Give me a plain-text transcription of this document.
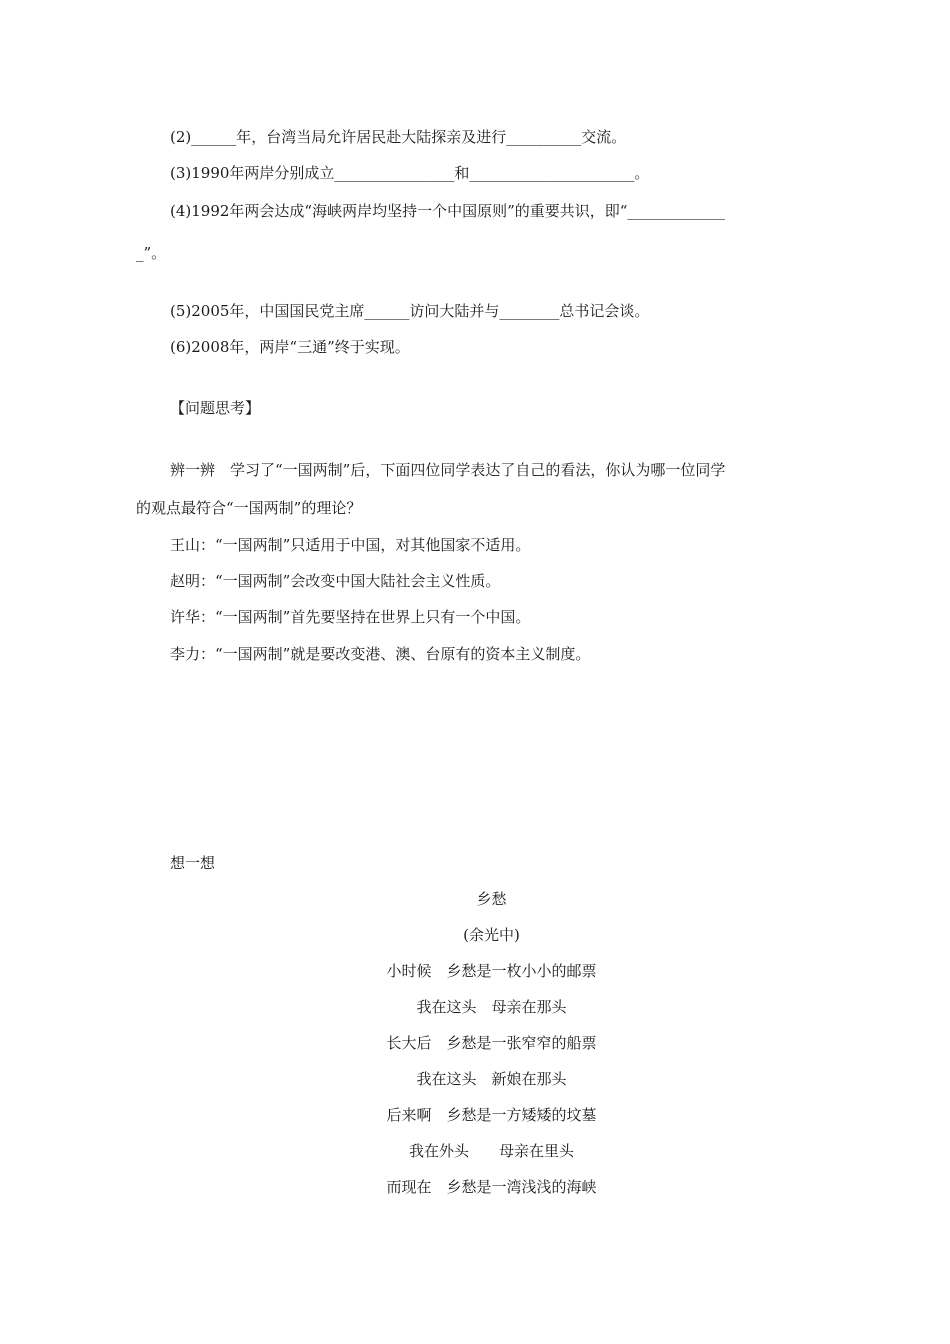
(2)______年，台湾当局允许居民赴大陆探亲及进行__________交流。
(3)1990年两岸分别成立________________和______________________。
(4)1992年两会达成“海峡两岸均坚持一个中国原则”的重要共识，即“_____________
_”。
(5)2005年，中国国民党主席______访问大陆并与________总书记会谈。
(6)2008年，两岸“三通”终于实现。
【问题思考】
辨一辨　学习了“一国两制”后，下面四位同学表达了自己的看法，你认为哪一位同学
的观点最符合“一国两制”的理论？
王山：“一国两制”只适用于中国，对其他国家不适用。
赵明：“一国两制”会改变中国大陆社会主义性质。
许华：“一国两制”首先要坚持在世界上只有一个中国。
李力：“一国两制”就是要改变港、澳、台原有的资本主义制度。
想一想
乡愁
(余光中)
小时候　乡愁是一枚小小的邮票
我在这头　母亲在那头
长大后　乡愁是一张窄窄的船票
我在这头　新娘在那头
后来啊　乡愁是一方矮矮的坟墓
我在外头　　母亲在里头
而现在　乡愁是一湾浅浅的海峡
